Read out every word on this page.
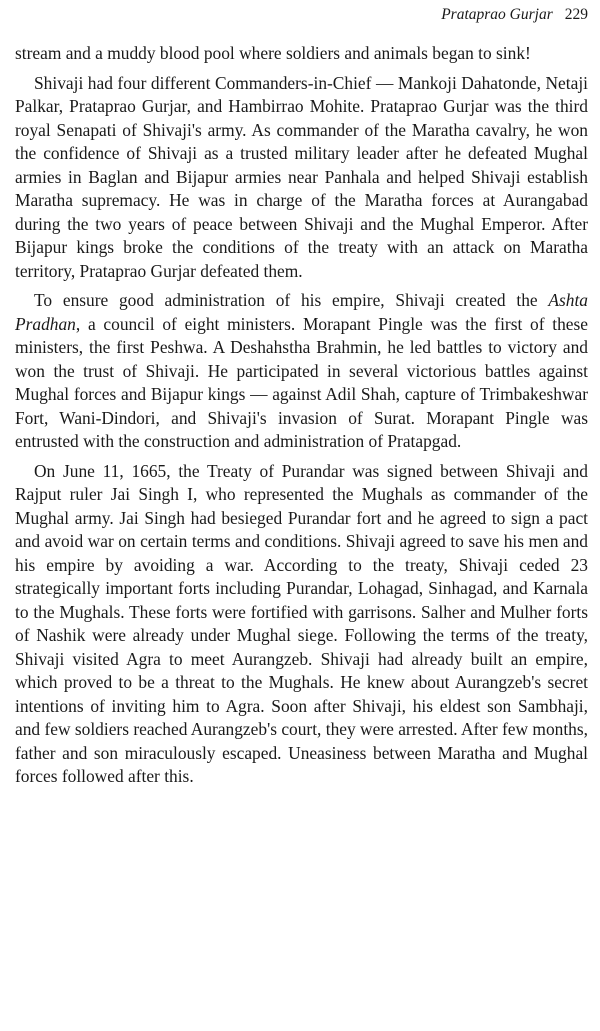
Prataprao Gurjar 229

stream and a muddy blood pool where soldiers and animals began to sink!

Shivaji had four different Commanders-in-Chief — Mankoji Dahatonde, Netaji Palkar, Prataprao Gurjar, and Hambirrao Mohite. Prataprao Gurjar was the third royal Senapati of Shivaji's army. As commander of the Maratha cavalry, he won the confidence of Shivaji as a trusted military leader after he defeated Mughal armies in Baglan and Bijapur armies near Panhala and helped Shivaji establish Maratha supremacy. He was in charge of the Maratha forces at Aurangabad during the two years of peace between Shivaji and the Mughal Emperor. After Bijapur kings broke the conditions of the treaty with an attack on Maratha territory, Prataprao Gurjar defeated them.

To ensure good administration of his empire, Shivaji created the Ashta Pradhan, a council of eight ministers. Morapant Pingle was the first of these ministers, the first Peshwa. A Deshahstha Brahmin, he led battles to victory and won the trust of Shivaji. He participated in several victorious battles against Mughal forces and Bijapur kings — against Adil Shah, capture of Trimbakeshwar Fort, Wani-Dindori, and Shivaji's invasion of Surat. Morapant Pingle was entrusted with the construction and administration of Pratapgad.

On June 11, 1665, the Treaty of Purandar was signed between Shivaji and Rajput ruler Jai Singh I, who represented the Mughals as commander of the Mughal army. Jai Singh had besieged Purandar fort and he agreed to sign a pact and avoid war on certain terms and conditions. Shivaji agreed to save his men and his empire by avoiding a war. According to the treaty, Shivaji ceded 23 strategically important forts including Purandar, Lohagad, Sinhagad, and Karnala to the Mughals. These forts were fortified with garrisons. Salher and Mulher forts of Nashik were already under Mughal siege. Following the terms of the treaty, Shivaji visited Agra to meet Aurangzeb. Shivaji had already built an empire, which proved to be a threat to the Mughals. He knew about Aurangzeb's secret intentions of inviting him to Agra. Soon after Shivaji, his eldest son Sambhaji, and few soldiers reached Aurangzeb's court, they were arrested. After few months, father and son miraculously escaped. Uneasiness between Maratha and Mughal forces followed after this.
